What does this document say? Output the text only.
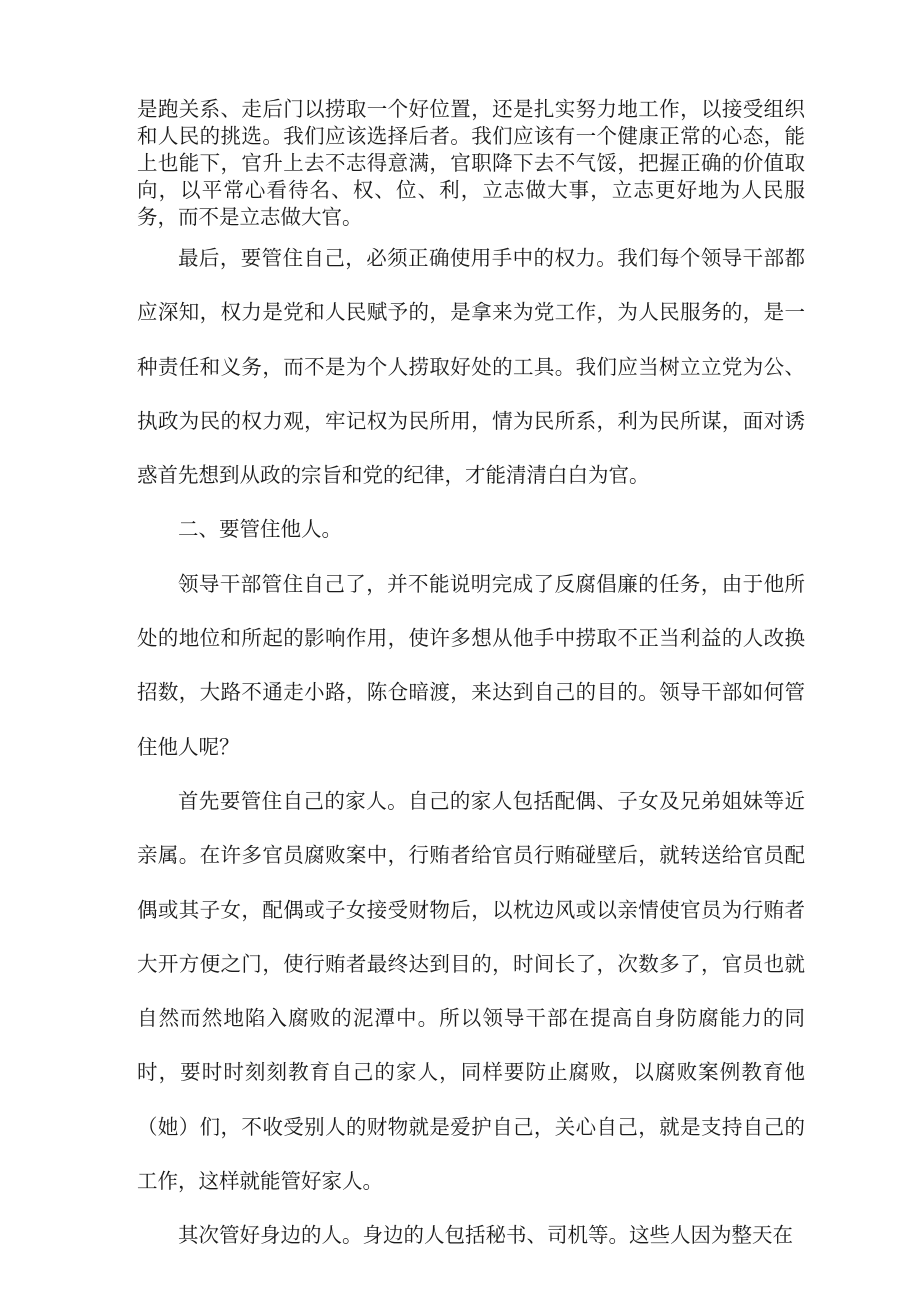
是跑关系、走后门以捞取一个好位置，还是扎实努力地工作，以接受组织和人民的挑选。我们应该选择后者。我们应该有一个健康正常的心态，能上也能下，官升上去不志得意满，官职降下去不气馁，把握正确的价值取向，以平常心看待名、权、位、利，立志做大事，立志更好地为人民服务，而不是立志做大官。

最后，要管住自己，必须正确使用手中的权力。我们每个领导干部都应深知，权力是党和人民赋予的，是拿来为党工作，为人民服务的，是一种责任和义务，而不是为个人捞取好处的工具。我们应当树立立党为公、执政为民的权力观，牢记权为民所用，情为民所系，利为民所谋，面对诱惑首先想到从政的宗旨和党的纪律，才能清清白白为官。

二、要管住他人。

领导干部管住自己了，并不能说明完成了反腐倡廉的任务，由于他所处的地位和所起的影响作用，使许多想从他手中捞取不正当利益的人改换招数，大路不通走小路，陈仓暗渡，来达到自己的目的。领导干部如何管住他人呢？

首先要管住自己的家人。自己的家人包括配偶、子女及兄弟姐妹等近亲属。在许多官员腐败案中，行贿者给官员行贿碰壁后，就转送给官员配偶或其子女，配偶或子女接受财物后，以枕边风或以亲情使官员为行贿者大开方便之门，使行贿者最终达到目的，时间长了，次数多了，官员也就自然而然地陷入腐败的泥潭中。所以领导干部在提高自身防腐能力的同时，要时时刻刻教育自己的家人，同样要防止腐败，以腐败案例教育他（她）们，不收受别人的财物就是爱护自己，关心自己，就是支持自己的工作，这样就能管好家人。

其次管好身边的人。身边的人包括秘书、司机等。这些人因为整天在
